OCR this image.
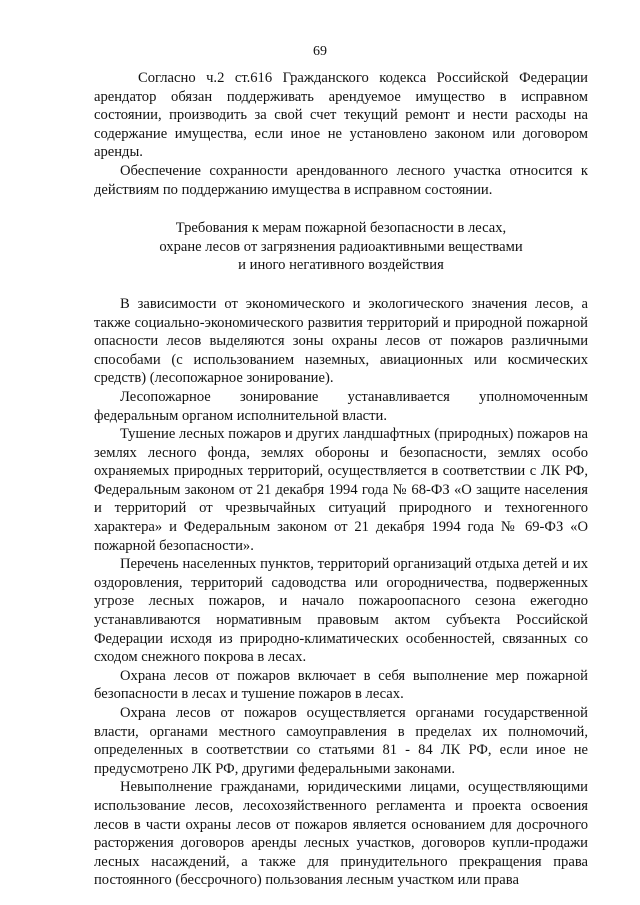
69

Согласно ч.2 ст.616 Гражданского кодекса Российской Федерации арендатор обязан поддерживать арендуемое имущество в исправном состоянии, производить за свой счет текущий ремонт и нести расходы на содержание имущества, если иное не установлено законом или договором аренды.

Обеспечение сохранности арендованного лесного участка относится к действиям по поддержанию имущества в исправном состоянии.

Требования к мерам пожарной безопасности в лесах,
охране лесов от загрязнения радиоактивными веществами
и иного негативного воздействия

В зависимости от экономического и экологического значения лесов, а также социально-экономического развития территорий и природной пожарной опасности лесов выделяются зоны охраны лесов от пожаров различными способами (с использованием наземных, авиационных или космических средств) (лесопожарное зонирование).

Лесопожарное зонирование устанавливается уполномоченным федеральным органом исполнительной власти.

Тушение лесных пожаров и других ландшафтных (природных) пожаров на землях лесного фонда, землях обороны и безопасности, землях особо охраняемых природных территорий, осуществляется в соответствии с ЛК РФ, Федеральным законом от 21 декабря 1994 года № 68-ФЗ «О защите населения и территорий от чрезвычайных ситуаций природного и техногенного характера» и Федеральным законом от 21 декабря 1994 года № 69-ФЗ «О пожарной безопасности».

Перечень населенных пунктов, территорий организаций отдыха детей и их оздоровления, территорий садоводства или огородничества, подверженных угрозе лесных пожаров, и начало пожароопасного сезона ежегодно устанавливаются нормативным правовым актом субъекта Российской Федерации исходя из природно-климатических особенностей, связанных со сходом снежного покрова в лесах.

Охрана лесов от пожаров включает в себя выполнение мер пожарной безопасности в лесах и тушение пожаров в лесах.

Охрана лесов от пожаров осуществляется органами государственной власти, органами местного самоуправления в пределах их полномочий, определенных в соответствии со статьями 81 - 84 ЛК РФ, если иное не предусмотрено ЛК РФ, другими федеральными законами.

Невыполнение гражданами, юридическими лицами, осуществляющими использование лесов, лесохозяйственного регламента и проекта освоения лесов в части охраны лесов от пожаров является основанием для досрочного расторжения договоров аренды лесных участков, договоров купли-продажи лесных насаждений, а также для принудительного прекращения права постоянного (бессрочного) пользования лесным участком или права
